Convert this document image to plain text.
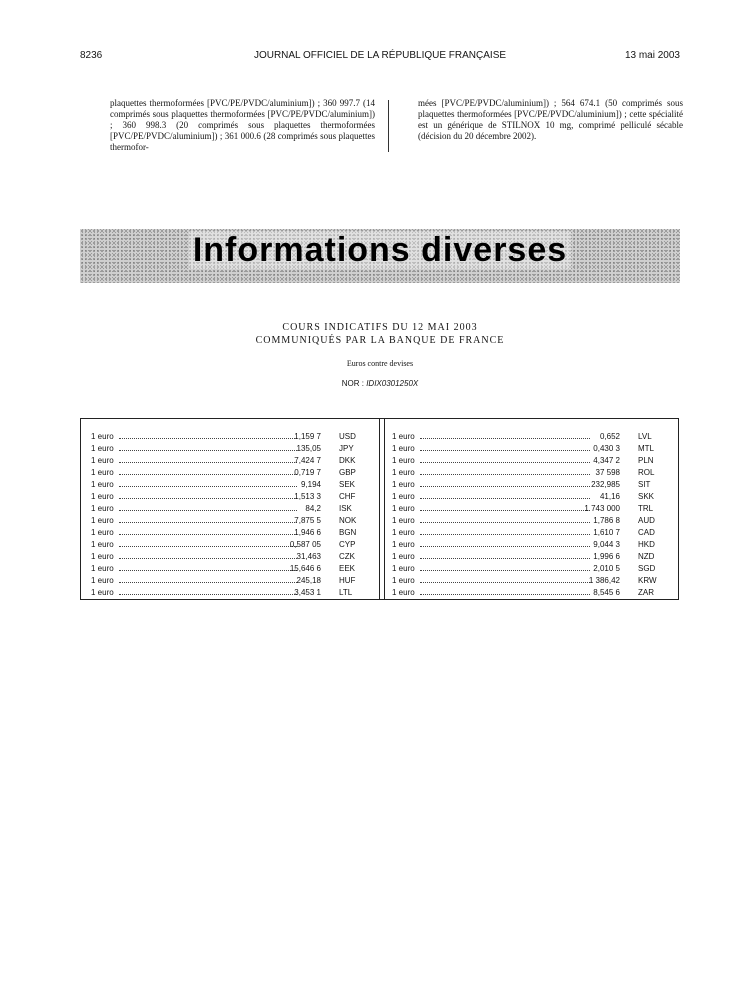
8236	JOURNAL OFFICIEL DE LA RÉPUBLIQUE FRANÇAISE	13 mai 2003
plaquettes thermoformées [PVC/PE/PVDC/aluminium]) ; 360 997.7 (14 comprimés sous plaquettes thermoformées [PVC/PE/PVDC/aluminium]) ; 360 998.3 (20 comprimés sous plaquettes thermoformées [PVC/PE/PVDC/aluminium]) ; 361 000.6 (28 comprimés sous plaquettes thermofor-
mées [PVC/PE/PVDC/aluminium]) ; 564 674.1 (50 comprimés sous plaquettes thermoformées [PVC/PE/PVDC/aluminium]) ; cette spécialité est un générique de STILNOX 10 mg, comprimé pelliculé sécable (décision du 20 décembre 2002).
Informations diverses
COURS INDICATIFS DU 12 MAI 2003
COMMUNIQUÉS PAR LA BANQUE DE FRANCE
Euros contre devises
NOR : IDIX0301250X
1 euro	1,159 7 USD
1 euro	135,05 JPY
1 euro	7,424 7 DKK
1 euro	0,719 7 GBP
1 euro	9,194 SEK
1 euro	1,513 3 CHF
1 euro	84,2 ISK
1 euro	7,875 5 NOK
1 euro	1,946 6 BGN
1 euro	0,587 05 CYP
1 euro	31,463 CZK
1 euro	15,646 6 EEK
1 euro	245,18 HUF
1 euro	3,453 1 LTL
1 euro	0,652 LVL
1 euro	0,430 3 MTL
1 euro	4,347 2 PLN
1 euro	37 598 ROL
1 euro	232,985 SIT
1 euro	41,16 SKK
1 euro	1 743 000 TRL
1 euro	1,786 8 AUD
1 euro	1,610 7 CAD
1 euro	9,044 3 HKD
1 euro	1,996 6 NZD
1 euro	2,010 5 SGD
1 euro	1 386,42 KRW
1 euro	8,545 6 ZAR
